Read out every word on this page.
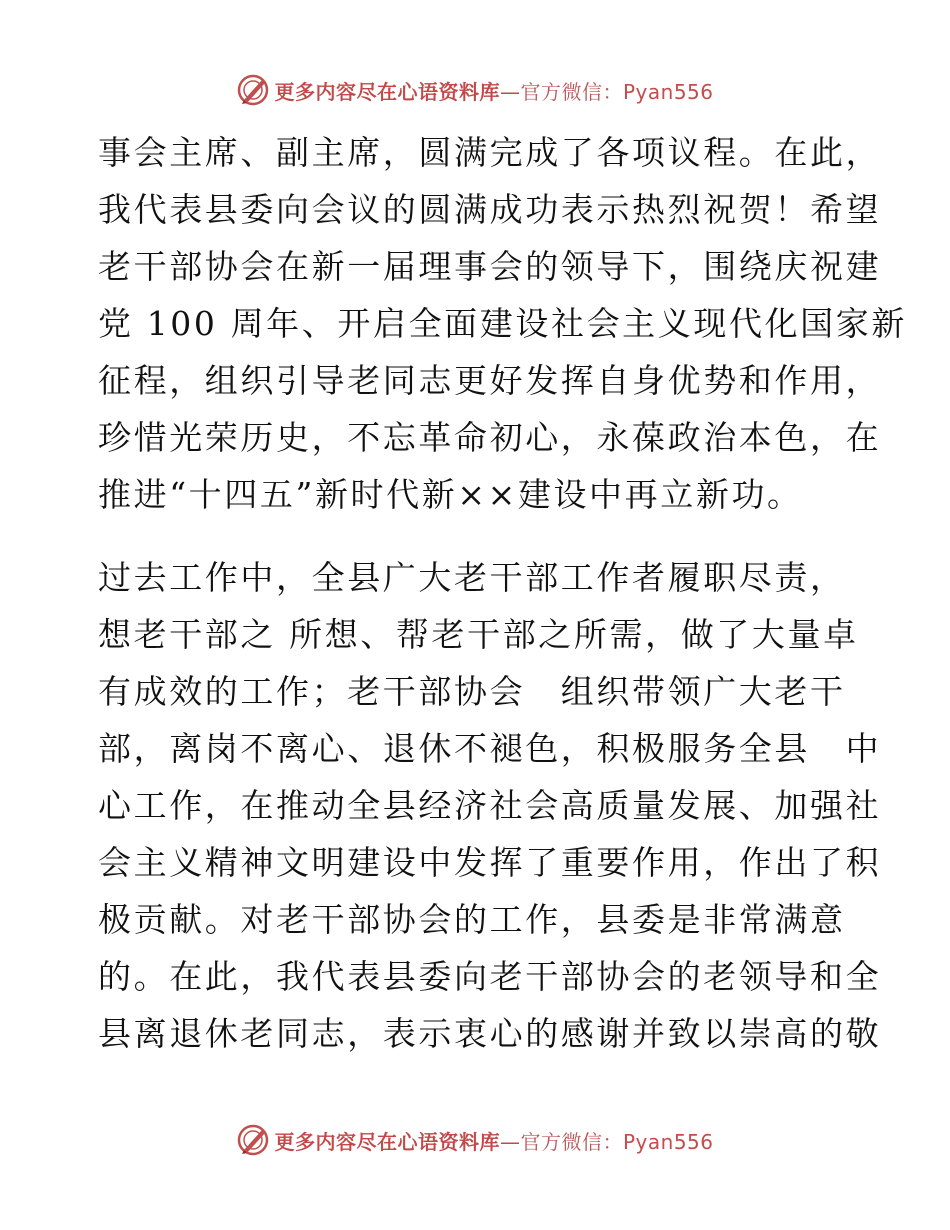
更多内容尽在心语资料库—官方微信：Pyan556
事会主席、副主席，圆满完成了各项议程。在此，
我代表县委向会议的圆满成功表示热烈祝贺！希望
老干部协会在新一届理事会的领导下，围绕庆祝建
党 100 周年、开启全面建设社会主义现代化国家新
征程，组织引导老同志更好发挥自身优势和作用，
珍惜光荣历史，不忘革命初心，永葆政治本色，在
推进“十四五”新时代新××建设中再立新功。
过去工作中，全县广大老干部工作者履职尽责，
想老干部之 所想、帮老干部之所需，做了大量卓
有成效的工作；老干部协会　组织带领广大老干
部，离岗不离心、退休不褪色，积极服务全县　中
心工作，在推动全县经济社会高质量发展、加强社
会主义精神文明建设中发挥了重要作用，作出了积
极贡献。对老干部协会的工作，县委是非常满意
的。在此，我代表县委向老干部协会的老领导和全
县离退休老同志，表示衷心的感谢并致以崇高的敬
更多内容尽在心语资料库—官方微信：Pyan556
